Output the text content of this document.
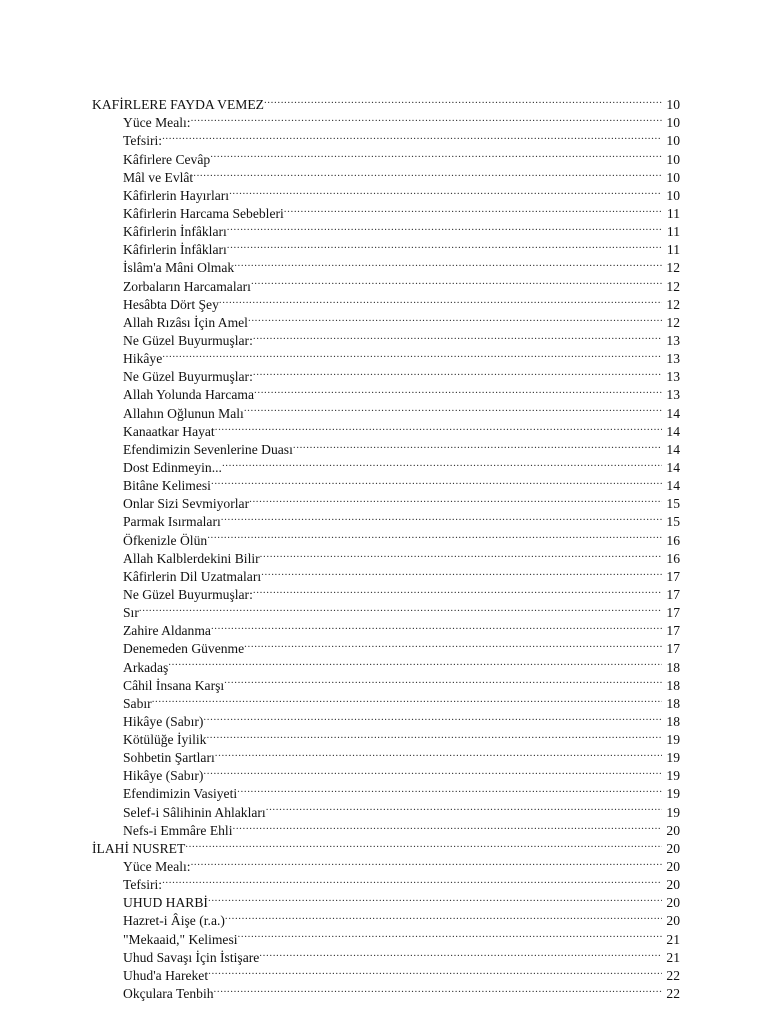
KAFİRLERE FAYDA VEMEZ .....	10
Yüce Mealı: .....	10
Tefsiri: .....	10
Kâfirlere Cevâp .....	10
Mâl ve Evlât .....	10
Kâfirlerin Hayırları .....	10
Kâfirlerin Harcama Sebebleri .....	11
Kâfirlerin İnfâkları .....	11
Kâfirlerin İnfâkları .....	11
İslâm'a Mâni Olmak .....	12
Zorbaların Harcamaları .....	12
Hesâbta Dört Şey .....	12
Allah Rızâsı İçin Amel .....	12
Ne Güzel Buyurmuşlar: .....	13
Hikâye .....	13
Ne Güzel Buyurmuşlar: .....	13
Allah Yolunda Harcama .....	13
Allahın Oğlunun Malı .....	14
Kanaatkar Hayat .....	14
Efendimizin Sevenlerine Duası .....	14
Dost Edinmeyin... .....	14
Bitâne Kelimesi .....	14
Onlar Sizi Sevmiyorlar .....	15
Parmak Isırmaları .....	15
Öfkenizle Ölün .....	16
Allah Kalblerdekini Bilir .....	16
Kâfirlerin Dil Uzatmaları .....	17
Ne Güzel Buyurmuşlar: .....	17
Sır .....	17
Zahire Aldanma .....	17
Denemeden Güvenme .....	17
Arkadaş .....	18
Câhil İnsana Karşı .....	18
Sabır .....	18
Hikâye (Sabır) .....	18
Kötülüğe İyilik .....	19
Sohbetin Şartları .....	19
Hikâye (Sabır) .....	19
Efendimizin Vasiyeti .....	19
Selef-i Sâlihinin Ahlakları .....	19
Nefs-i Emmâre Ehli .....	20
İLAHİ NUSRET .....	20
Yüce Mealı: .....	20
Tefsiri: .....	20
UHUD HARBİ .....	20
Hazret-i Âişe (r.a.) .....	20
"Mekaaid," Kelimesi .....	21
Uhud Savaşı İçin İstişare .....	21
Uhud'a Hareket .....	22
Okçulara Tenbih .....	22
